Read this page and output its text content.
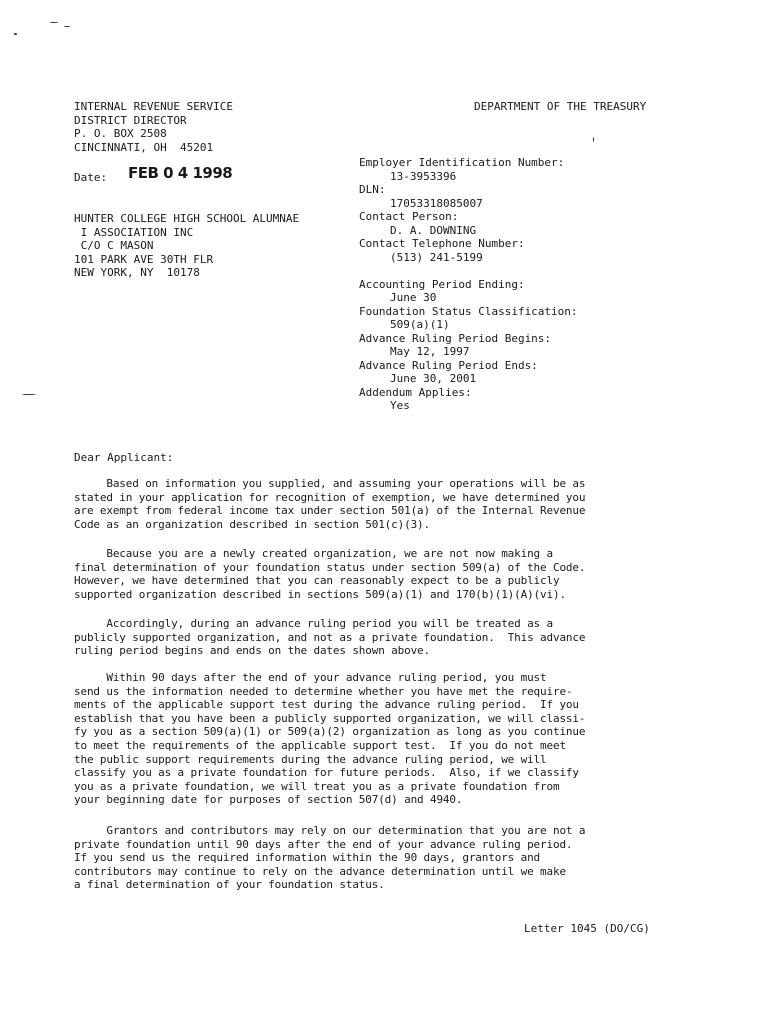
INTERNAL REVENUE SERVICE
DISTRICT DIRECTOR
P. O. BOX 2508
CINCINNATI, OH  45201
DEPARTMENT OF THE TREASURY
Date: FEB 0 4 1998
HUNTER COLLEGE HIGH SCHOOL ALUMNAE
I ASSOCIATION INC
C/O C MASON
101 PARK AVE 30TH FLR
NEW YORK, NY  10178
Employer Identification Number:
13-3953396
DLN:
17053318085007
Contact Person:
D. A. DOWNING
Contact Telephone Number:
(513) 241-5199

Accounting Period Ending:
June 30
Foundation Status Classification:
509(a)(1)
Advance Ruling Period Begins:
May 12, 1997
Advance Ruling Period Ends:
June 30, 2001
Addendum Applies:
Yes
Dear Applicant:
Based on information you supplied, and assuming your operations will be as
stated in your application for recognition of exemption, we have determined you
are exempt from federal income tax under section 501(a) of the Internal Revenue
Code as an organization described in section 501(c)(3).
Because you are a newly created organization, we are not now making a
final determination of your foundation status under section 509(a) of the Code.
However, we have determined that you can reasonably expect to be a publicly
supported organization described in sections 509(a)(1) and 170(b)(1)(A)(vi).
Accordingly, during an advance ruling period you will be treated as a
publicly supported organization, and not as a private foundation.  This advance
ruling period begins and ends on the dates shown above.
Within 90 days after the end of your advance ruling period, you must
send us the information needed to determine whether you have met the require-
ments of the applicable support test during the advance ruling period.  If you
establish that you have been a publicly supported organization, we will classi-
fy you as a section 509(a)(1) or 509(a)(2) organization as long as you continue
to meet the requirements of the applicable support test.  If you do not meet
the public support requirements during the advance ruling period, we will
classify you as a private foundation for future periods.  Also, if we classify
you as a private foundation, we will treat you as a private foundation from
your beginning date for purposes of section 507(d) and 4940.
Grantors and contributors may rely on our determination that you are not a
private foundation until 90 days after the end of your advance ruling period.
If you send us the required information within the 90 days, grantors and
contributors may continue to rely on the advance determination until we make
a final determination of your foundation status.
Letter 1045 (DO/CG)
